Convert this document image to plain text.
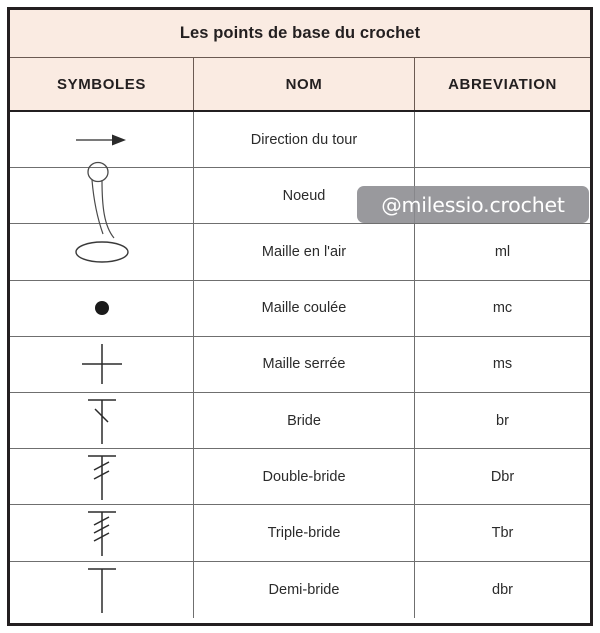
Les points de base du crochet
SYMBOLES	NOM	ABREVIATION
Direction du tour
Noeud
Maille en l'air	ml
Maille coulée	mc
Maille serrée	ms
Bride	br
Double-bride	Dbr
Triple-bride	Tbr
Demi-bride	dbr
@milessio.crochet
